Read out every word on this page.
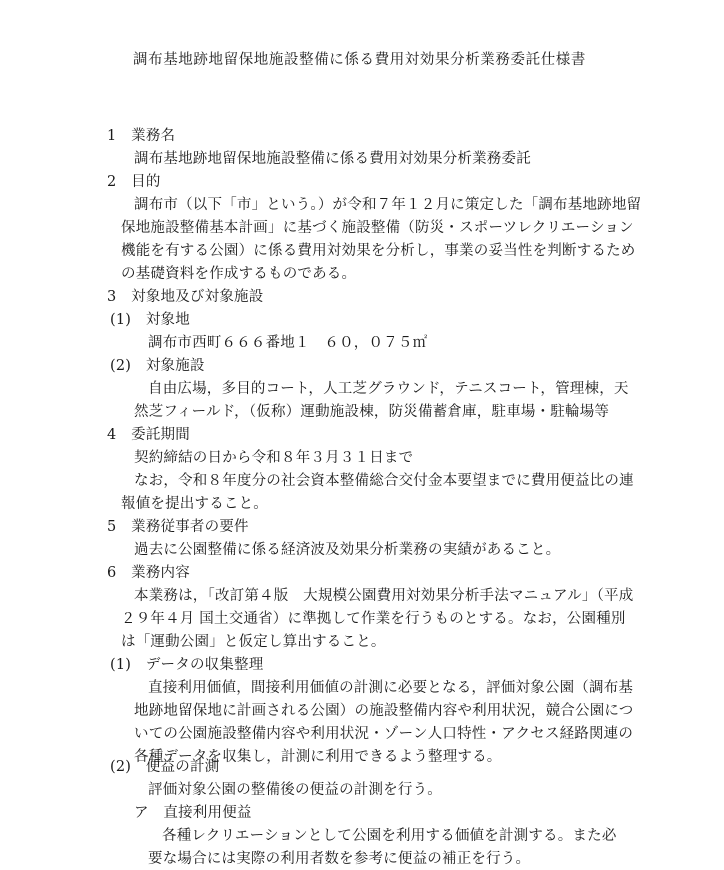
調布基地跡地留保地施設整備に係る費用対効果分析業務委託仕様書
1　業務名
調布基地跡地留保地施設整備に係る費用対効果分析業務委託
2　目的
調布市（以下「市」という。）が令和７年１２月に策定した「調布基地跡地留
保地施設整備基本計画」に基づく施設整備（防災・スポーツレクリエーション
機能を有する公園）に係る費用対効果を分析し，事業の妥当性を判断するため
の基礎資料を作成するものである。
3　対象地及び対象施設
(1)　対象地
調布市西町６６６番地１　６０，０７５㎡
(2)　対象施設
自由広場，多目的コート，人工芝グラウンド，テニスコート，管理棟，天
然芝フィールド，（仮称）運動施設棟，防災備蓄倉庫，駐車場・駐輪場等
4　委託期間
契約締結の日から令和８年３月３１日まで
なお，令和８年度分の社会資本整備総合交付金本要望までに費用便益比の連
報値を提出すること。
5　業務従事者の要件
過去に公園整備に係る経済波及効果分析業務の実績があること。
6　業務内容
本業務は，「改訂第４版　大規模公園費用対効果分析手法マニュアル」（平成
２９年４月 国土交通省）に準拠して作業を行うものとする。なお，公園種別
は「運動公園」と仮定し算出すること。
(1)　データの収集整理
直接利用価値，間接利用価値の計測に必要となる，評価対象公園（調布基
地跡地留保地に計画される公園）の施設整備内容や利用状況，競合公園につ
いての公園施設整備内容や利用状況・ゾーン人口特性・アクセス経路関連の
各種データを収集し，計測に利用できるよう整理する。
(2)　便益の計測
評価対象公園の整備後の便益の計測を行う。
ア　直接利用便益
各種レクリエーションとして公園を利用する価値を計測する。また必
要な場合には実際の利用者数を参考に便益の補正を行う。
